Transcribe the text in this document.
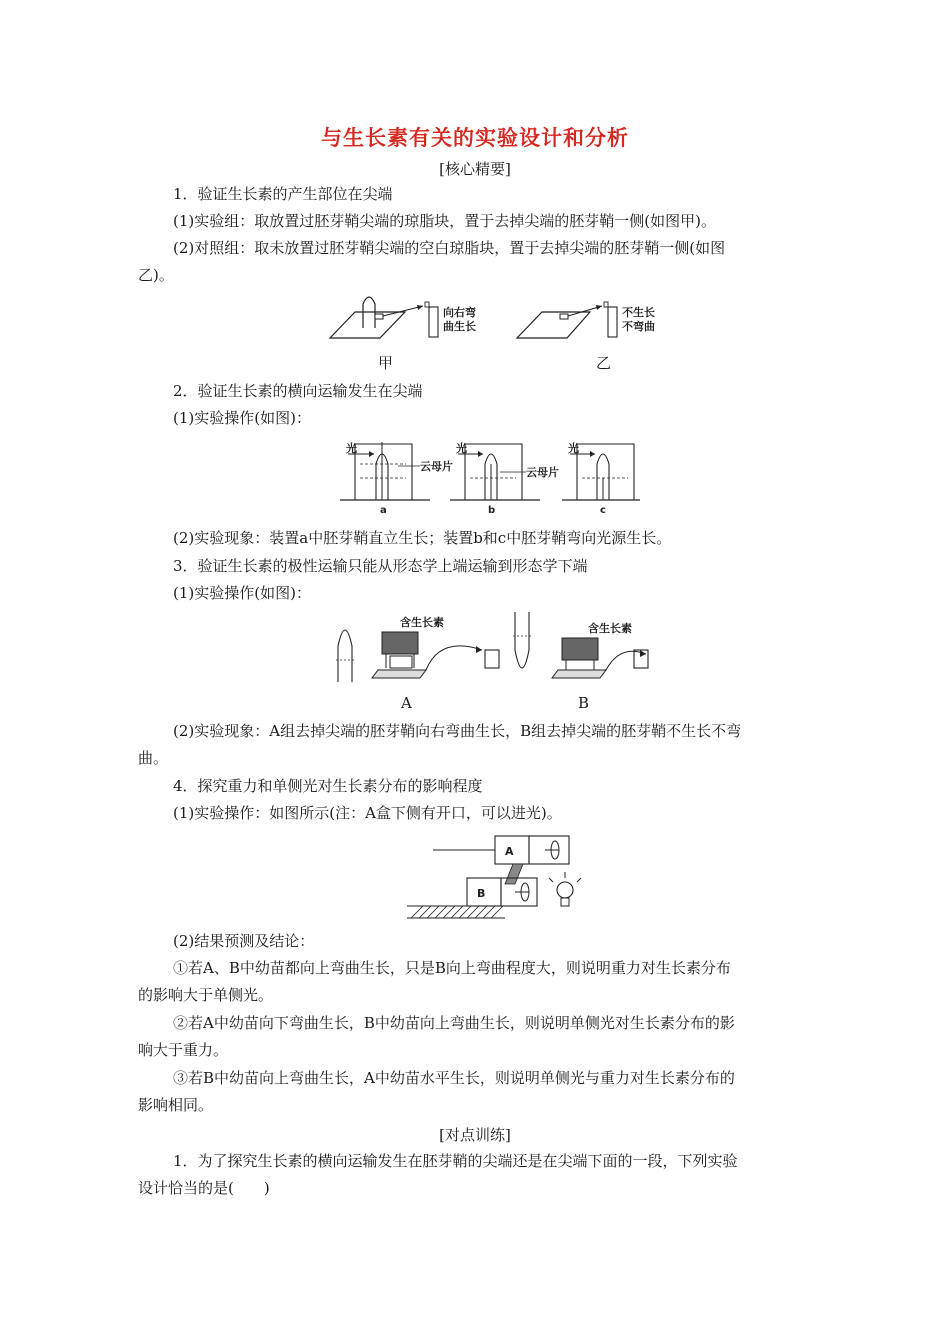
与生长素有关的实验设计和分析
[核心精要]
1．验证生长素的产生部位在尖端
(1)实验组：取放置过胚芽鞘尖端的琼脂块，置于去掉尖端的胚芽鞘一侧(如图甲)。
(2)对照组：取未放置过胚芽鞘尖端的空白琼脂块，置于去掉尖端的胚芽鞘一侧(如图
乙)。
向右弯
曲生长
甲
不生长
不弯曲
乙
2．验证生长素的横向运输发生在尖端
(1)实验操作(如图)：
光
云母片
a
光
云母片
b
光
c
(2)实验现象：装置a中胚芽鞘直立生长；装置b和c中胚芽鞘弯向光源生长。
3．验证生长素的极性运输只能从形态学上端运输到形态学下端
(1)实验操作(如图)：
含生长素	含生长素
A	B
(2)实验现象：A组去掉尖端的胚芽鞘向右弯曲生长，B组去掉尖端的胚芽鞘不生长不弯
曲。
4．探究重力和单侧光对生长素分布的影响程度
(1)实验操作：如图所示(注：A盒下侧有开口，可以进光)。
A
B
(2)结果预测及结论：
①若A、B中幼苗都向上弯曲生长，只是B向上弯曲程度大，则说明重力对生长素分布
的影响大于单侧光。
②若A中幼苗向下弯曲生长，B中幼苗向上弯曲生长，则说明单侧光对生长素分布的影
响大于重力。
③若B中幼苗向上弯曲生长，A中幼苗水平生长，则说明单侧光与重力对生长素分布的
影响相同。
[对点训练]
1．为了探究生长素的横向运输发生在胚芽鞘的尖端还是在尖端下面的一段，下列实验
设计恰当的是(　　)
